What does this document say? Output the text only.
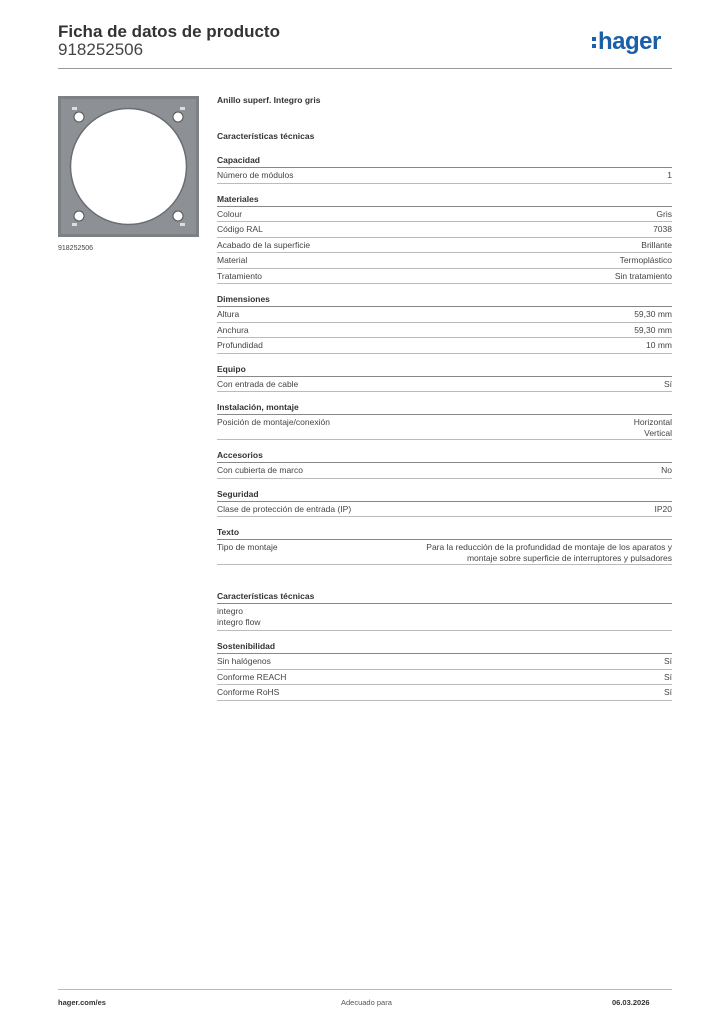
Ficha de datos de producto
918252506	hager
918252506
Anillo superf. Integro gris
Características técnicas
Capacidad
Número de módulos	1
Materiales
Colour	Gris
Código RAL	7038
Acabado de la superficie	Brillante
Material	Termoplástico
Tratamiento	Sin tratamiento
Dimensiones
Altura	59,30 mm
Anchura	59,30 mm
Profundidad	10 mm
Equipo
Con entrada de cable	Sí
Instalación, montaje
Posición de montaje/conexión	Horizontal
Vertical
Accesorios
Con cubierta de marco	No
Seguridad
Clase de protección de entrada (IP)	IP20
Texto
Tipo de montaje	Para la reducción de la profundidad de montaje de los aparatos y
montaje sobre superficie de interruptores y pulsadores
Características técnicas
integro
integro flow
Sostenibilidad
Sin halógenos	Sí
Conforme REACH	Sí
Conforme RoHS	Sí
hager.com/es	Adecuado para	06.03.2026
